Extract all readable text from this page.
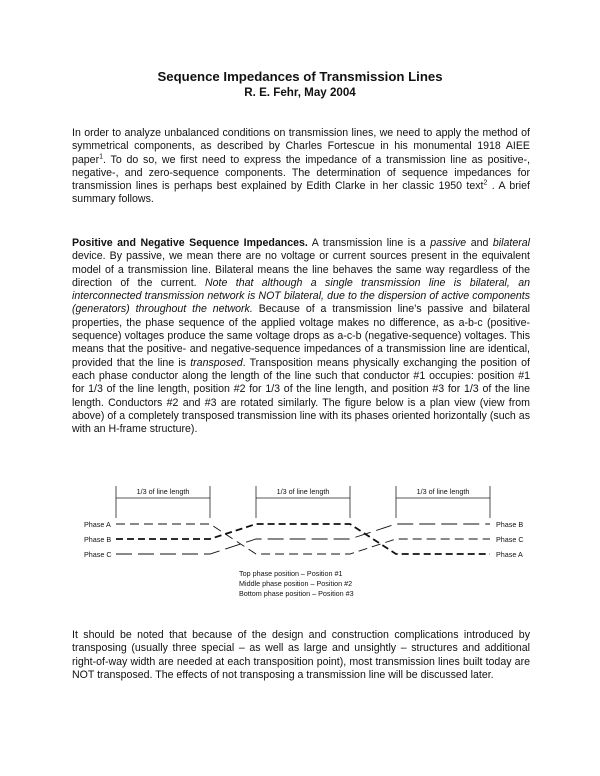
Sequence Impedances of Transmission Lines
R. E. Fehr, May 2004

In order to analyze unbalanced conditions on transmission lines, we need to apply the method of symmetrical components, as described by Charles Fortescue in his monumental 1918 AIEE paper$^1$. To do so, we first need to express the impedance of a transmission line as positive-, negative-, and zero-sequence components. The determination of sequence impedances for transmission lines is perhaps best explained by Edith Clarke in her classic 1950 text$^2$ . A brief summary follows.

Positive and Negative Sequence Impedances. A transmission line is a passive and bilateral device. By passive, we mean there are no voltage or current sources present in the equivalent model of a transmission line. Bilateral means the line behaves the same way regardless of the direction of the current. Note that although a single transmission line is bilateral, an interconnected transmission network is NOT bilateral, due to the dispersion of active components (generators) throughout the network. Because of a transmission line’s passive and bilateral properties, the phase sequence of the applied voltage makes no difference, as a-b-c (positive-sequence) voltages produce the same voltage drops as a-c-b (negative-sequence) voltages. This means that the positive- and negative-sequence impedances of a transmission line are identical, provided that the line is transposed. Transposition means physically exchanging the position of each phase conductor along the length of the line such that conductor #1 occupies: position #1 for 1/3 of the line length, position #2 for 1/3 of the line length, and position #3 for 1/3 of the line length. Conductors #2 and #3 are rotated similarly. The figure below is a plan view (view from above) of a completely transposed transmission line with its phases oriented horizontally (such as with an H-frame structure).

1/3 of line length	1/3 of line length	1/3 of line length
Phase A
Phase B
Phase C
Phase B
Phase C
Phase A
Top phase position – Position #1
Middle phase position – Position #2
Bottom phase position – Position #3

It should be noted that because of the design and construction complications introduced by transposing (usually three special – as well as large and unsightly – structures and additional right-of-way width are needed at each transposition point), most transmission lines built today are NOT transposed. The effects of not transposing a transmission line will be discussed later.
